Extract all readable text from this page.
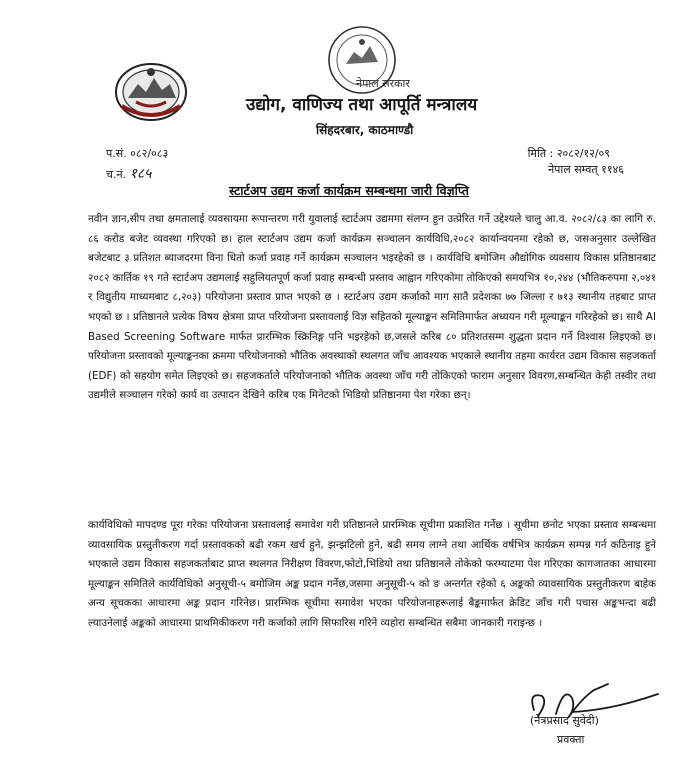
नेपाल सरकार
उद्योग, वाणिज्य तथा आपूर्ति मन्त्रालय
सिंहदरबार, काठमाण्डौ
प.सं. ०८२/०८३
च.नं. १८५
मिति : २०८२/१२/०९
नेपाल सम्वत् ११४६
स्टार्टअप उद्यम कर्जा कार्यक्रम सम्बन्धमा जारी विज्ञप्ति

नवीन ज्ञान,सीप तथा क्षमतालाई व्यवसायमा रूपान्तरण गरी युवालाई स्टार्टअप उद्यममा संलग्न हुन उत्प्रेरित गर्ने उद्देश्यले चालु आ.व. २०८२/८३ का लागि रु. ८६ करोड बजेट व्यवस्था गरिएको छ। हाल स्टार्टअप उद्यम कर्जा कार्यक्रम सञ्चालन कार्यविधि,२०८२ कार्यान्वयनमा रहेको छ, जसअनुसार उल्लेखित बजेटबाट ३ प्रतिशत ब्याजदरमा विना धितो कर्जा प्रवाह गर्ने कार्यक्रम सञ्चालन भइरहेको छ । कार्यविधि बमोजिम औद्योगिक व्यवसाय विकास प्रतिष्ठानबाट २०८२ कार्तिक १९ गते स्टार्टअप उद्यमलाई सहुलियतपूर्ण कर्जा प्रवाह सम्बन्धी प्रस्ताव आह्वान गरिएकोमा तोकिएको समयभित्र १०,२४४ (भौतिकरुपमा २,०४१ र विद्युतीय माध्यमबाट ८,२०३) परियोजना प्रस्ताव प्राप्त भएको छ । स्टार्टअप उद्यम कर्जाको माग सातै प्रदेशका ७७ जिल्ला र ७१३ स्थानीय तहबाट प्राप्त भएको छ । प्रतिष्ठानले प्रत्येक विषय क्षेत्रमा प्राप्त परियोजना प्रस्तावलाई विज्ञ सहितको मूल्याङ्कन समितिमार्फत अध्ययन गरी मूल्याङ्कन गरिरहेको छ। साथै AI Based Screening Software मार्फत प्रारम्भिक स्क्रिनिङ्ग पनि भइरहेको छ,जसले करिब ८० प्रतिशतसम्म शुद्धता प्रदान गर्ने विश्वास लिइएको छ। परियोजना प्रस्तावको मूल्याङ्कनका क्रममा परियोजनाको भौतिक अवस्थाको स्थलगत जाँच आवश्यक भएकाले स्थानीय तहमा कार्यरत उद्यम विकास सहजकर्ता (EDF) को सहयोग समेत लिइएको छ। सहजकर्तालेे परियोजनाको भौतिक अवस्था जाँच गरी तोकिएको फाराम अनुसार विवरण,सम्बन्धित केही तस्वीर तथा उद्यमीले सञ्चालन गरेको कार्य वा उत्पादन देखिने करिब एक मिनेटको भिडियो प्रतिष्ठानमा पेश गरेका छन्।

कार्यविधिको मापदण्ड पूरा गरेका परियोजना प्रस्तावलाई समावेश गरी प्रतिष्ठानले प्रारम्भिक सूचीमा प्रकाशित गर्नेछ । सूचीमा छनोट भएका प्रस्ताव सम्बन्धमा व्यावसायिक प्रस्तुतीकरण गर्दा प्रस्तावकको बढी रकम खर्च हुने, झन्झटिलो हुने, बढी समय लाग्ने तथा आर्थिक वर्षभित्र कार्यक्रम सम्पन्न गर्न कठिनाइ हुने भएकाले उद्यम विकास सहजकर्ताबाट प्राप्त स्थलगत निरीक्षण विवरण,फोटो,भिडियो तथा प्रतिष्ठानले तोकेको फरम्याटमा पेश गरिएका कागजातका आधारमा मूल्याङ्कन समितिले कार्यविधिको अनुसूची-५ बमोजिम अङ्क प्रदान गर्नेछ,जसमा अनुसूची-५ को ङ अन्तर्गत रहेको ६ अङ्कको व्यावसायिक प्रस्तुतीकरण बाहेक अन्य सूचकका आधारमा अङ्क प्रदान गरिनेछ। प्रारम्भिक सूचीमा समावेश भएका परियोजनाहरूलाई बैङ्कमार्फत क्रेडिट जाँच गरी पचास अङ्कभन्दा बढी ल्याउनेलाई अङ्कको आधारमा प्राथमिकीकरण गरी कर्जाको लागि सिफारिस गरिने व्यहोरा सम्बन्धित सबैमा जानकारी गराइन्छ ।

(नेत्रप्रसाद सुवेदी)
प्रवक्ता
